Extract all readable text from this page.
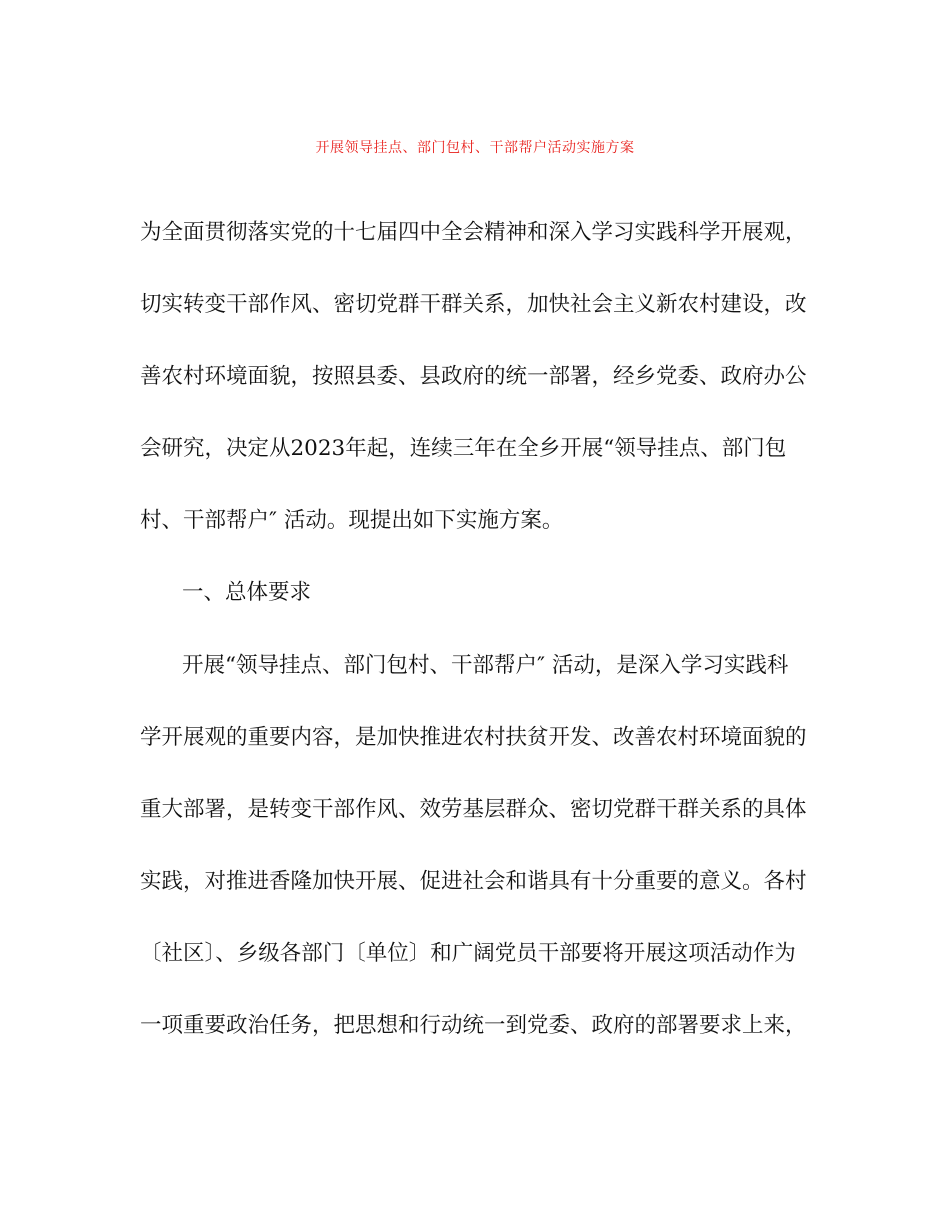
开展领导挂点、部门包村、干部帮户活动实施方案
为全面贯彻落实党的十七届四中全会精神和深入学习实践科学开展观，
切实转变干部作风、密切党群干群关系，加快社会主义新农村建设，改
善农村环境面貌，按照县委、县政府的统一部署，经乡党委、政府办公
会研究，决定从2023年起，连续三年在全乡开展“领导挂点、部门包
村、干部帮户″ 活动。现提出如下实施方案。
一、总体要求
开展“领导挂点、部门包村、干部帮户″ 活动，是深入学习实践科
学开展观的重要内容，是加快推进农村扶贫开发、改善农村环境面貌的
重大部署，是转变干部作风、效劳基层群众、密切党群干群关系的具体
实践，对推进香隆加快开展、促进社会和谐具有十分重要的意义。各村
〔社区〕、乡级各部门〔单位〕和广阔党员干部要将开展这项活动作为
一项重要政治任务，把思想和行动统一到党委、政府的部署要求上来，
